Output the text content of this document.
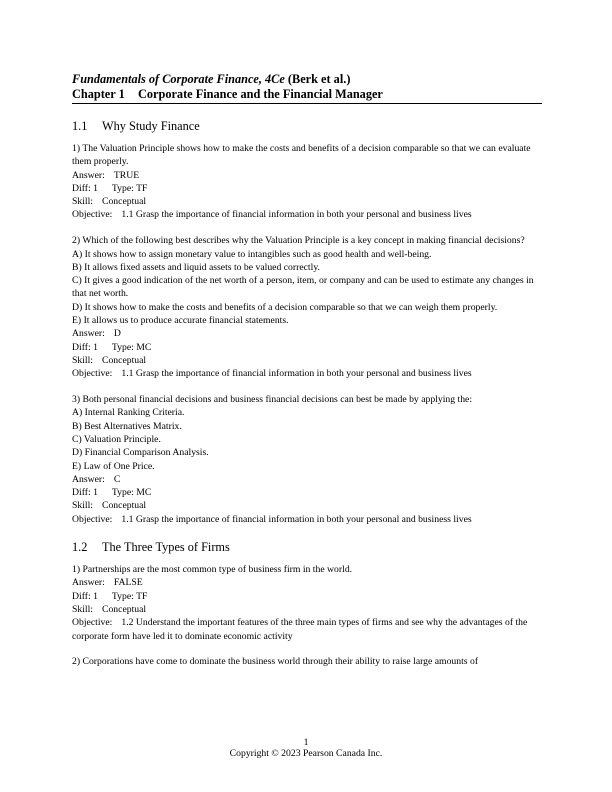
Fundamentals of Corporate Finance, 4Ce (Berk et al.)
Chapter 1 Corporate Finance and the Financial Manager
1.1 Why Study Finance
1) The Valuation Principle shows how to make the costs and benefits of a decision comparable so that we can evaluate them properly.
Answer: TRUE
Diff: 1 Type: TF
Skill: Conceptual
Objective: 1.1 Grasp the importance of financial information in both your personal and business lives
2) Which of the following best describes why the Valuation Principle is a key concept in making financial decisions?
A) It shows how to assign monetary value to intangibles such as good health and well-being.
B) It allows fixed assets and liquid assets to be valued correctly.
C) It gives a good indication of the net worth of a person, item, or company and can be used to estimate any changes in that net worth.
D) It shows how to make the costs and benefits of a decision comparable so that we can weigh them properly.
E) It allows us to produce accurate financial statements.
Answer: D
Diff: 1 Type: MC
Skill: Conceptual
Objective: 1.1 Grasp the importance of financial information in both your personal and business lives
3) Both personal financial decisions and business financial decisions can best be made by applying the:
A) Internal Ranking Criteria.
B) Best Alternatives Matrix.
C) Valuation Principle.
D) Financial Comparison Analysis.
E) Law of One Price.
Answer: C
Diff: 1 Type: MC
Skill: Conceptual
Objective: 1.1 Grasp the importance of financial information in both your personal and business lives
1.2 The Three Types of Firms
1) Partnerships are the most common type of business firm in the world.
Answer: FALSE
Diff: 1 Type: TF
Skill: Conceptual
Objective: 1.2 Understand the important features of the three main types of firms and see why the advantages of the corporate form have led it to dominate economic activity
2) Corporations have come to dominate the business world through their ability to raise large amounts of
1
Copyright © 2023 Pearson Canada Inc.
